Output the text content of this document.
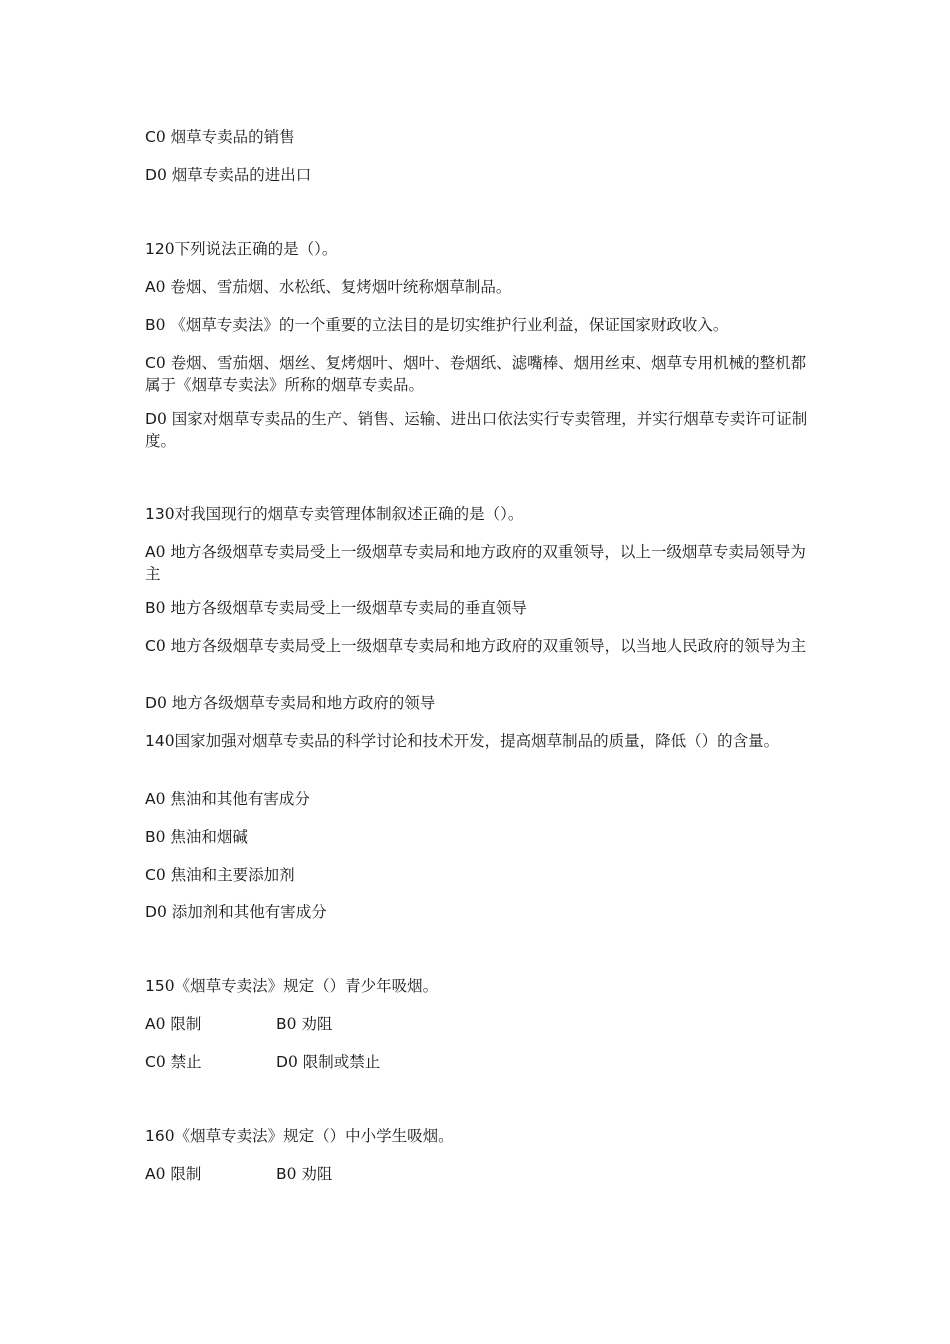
C0 烟草专卖品的销售
D0 烟草专卖品的进出口
120下列说法正确的是（）。
A0 卷烟、雪茄烟、水松纸、复烤烟叶统称烟草制品。
B0 《烟草专卖法》的一个重要的立法目的是切实维护行业利益，保证国家财政收入。
C0 卷烟、雪茄烟、烟丝、复烤烟叶、烟叶、卷烟纸、滤嘴棒、烟用丝束、烟草专用机械的整机都属于《烟草专卖法》所称的烟草专卖品。
D0 国家对烟草专卖品的生产、销售、运输、进出口依法实行专卖管理，并实行烟草专卖许可证制度。
130对我国现行的烟草专卖管理体制叙述正确的是（）。
A0 地方各级烟草专卖局受上一级烟草专卖局和地方政府的双重领导，以上一级烟草专卖局领导为主
B0 地方各级烟草专卖局受上一级烟草专卖局的垂直领导
C0 地方各级烟草专卖局受上一级烟草专卖局和地方政府的双重领导，以当地人民政府的领导为主
D0 地方各级烟草专卖局和地方政府的领导
140国家加强对烟草专卖品的科学讨论和技术开发，提高烟草制品的质量，降低（）的含量。
A0 焦油和其他有害成分
B0 焦油和烟碱
C0 焦油和主要添加剂
D0 添加剂和其他有害成分
150《烟草专卖法》规定（）青少年吸烟。
A0 限制	B0 劝阻
C0 禁止	D0 限制或禁止
160《烟草专卖法》规定（）中小学生吸烟。
A0 限制	B0 劝阻
